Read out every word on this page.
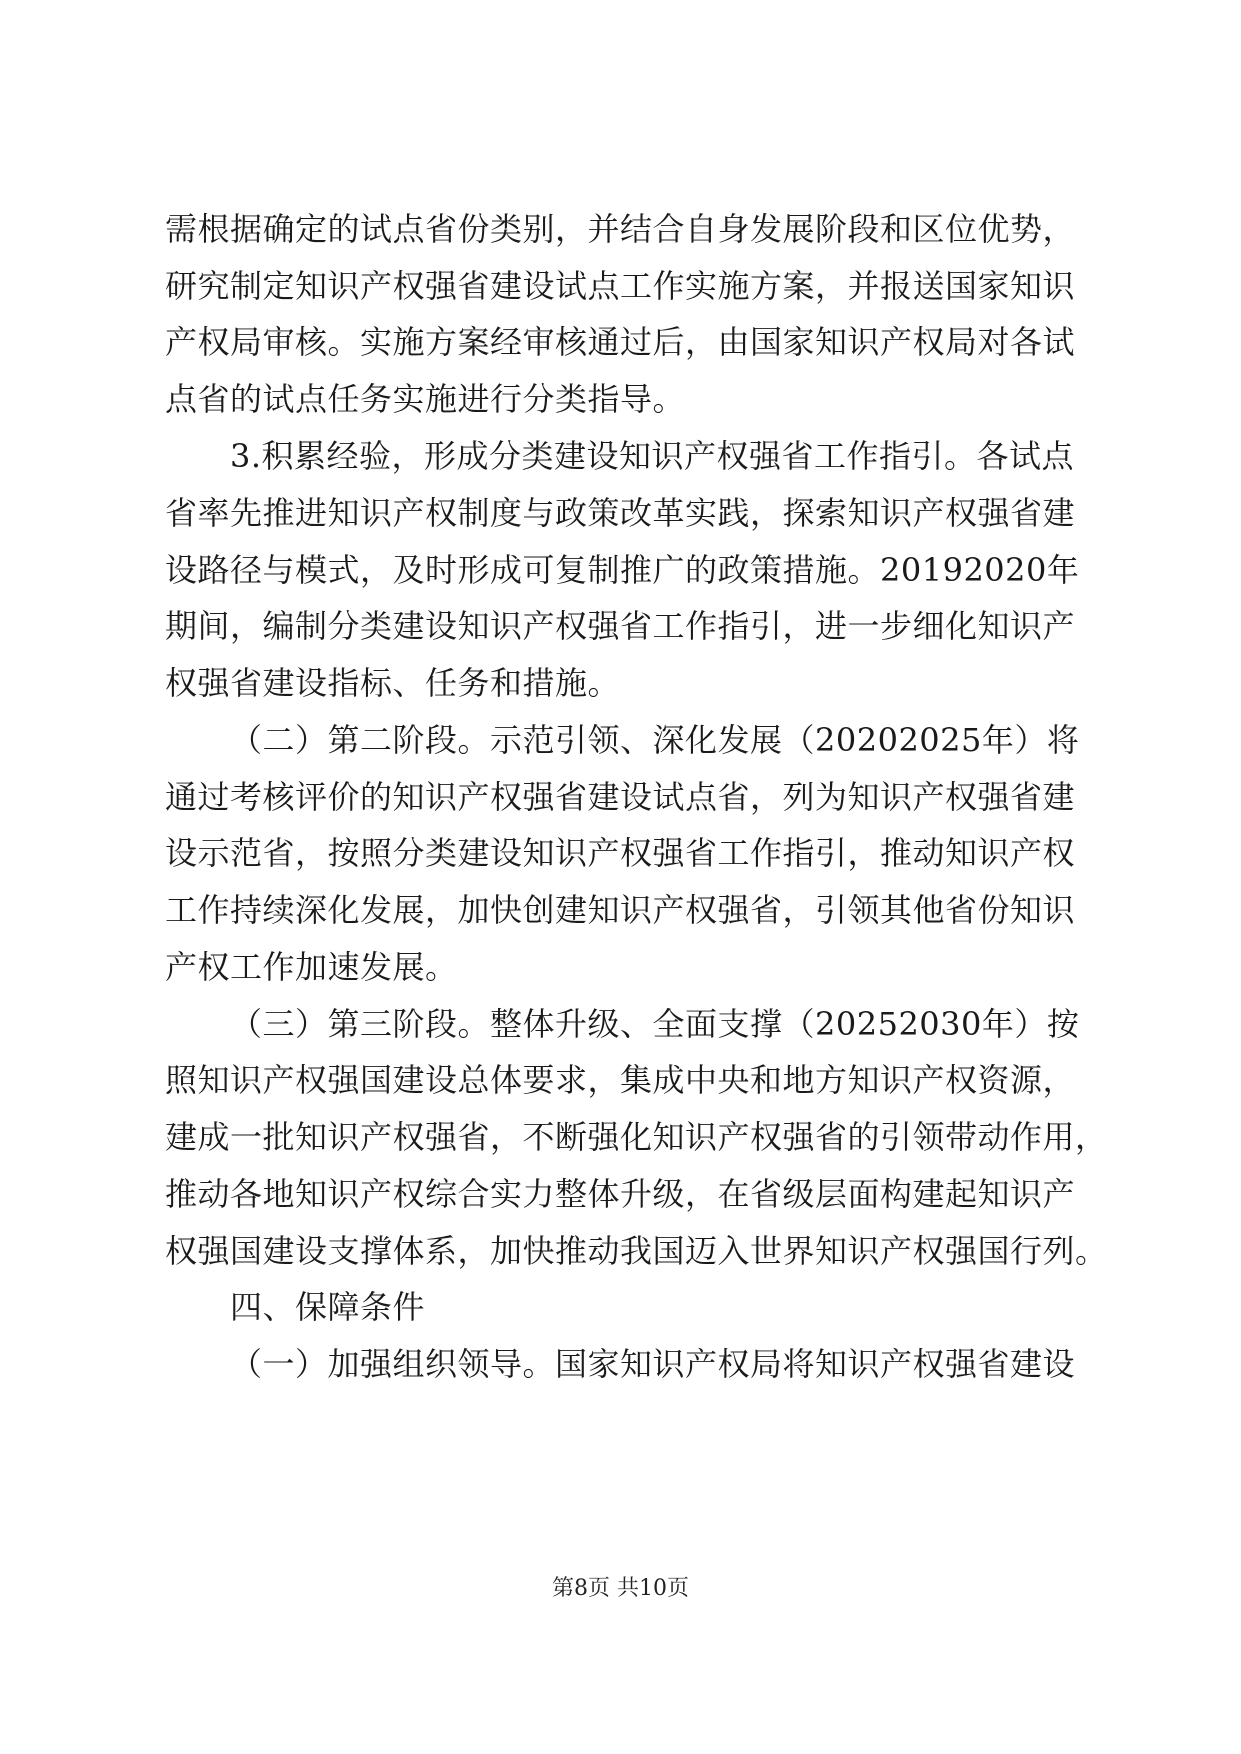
需根据确定的试点省份类别，并结合自身发展阶段和区位优势，
研究制定知识产权强省建设试点工作实施方案，并报送国家知识
产权局审核。实施方案经审核通过后，由国家知识产权局对各试
点省的试点任务实施进行分类指导。
3.积累经验，形成分类建设知识产权强省工作指引。各试点
省率先推进知识产权制度与政策改革实践，探索知识产权强省建
设路径与模式，及时形成可复制推广的政策措施。20192020年
期间，编制分类建设知识产权强省工作指引，进一步细化知识产
权强省建设指标、任务和措施。
（二）第二阶段。示范引领、深化发展（20202025年）将
通过考核评价的知识产权强省建设试点省，列为知识产权强省建
设示范省，按照分类建设知识产权强省工作指引，推动知识产权
工作持续深化发展，加快创建知识产权强省，引领其他省份知识
产权工作加速发展。
（三）第三阶段。整体升级、全面支撑（20252030年）按
照知识产权强国建设总体要求，集成中央和地方知识产权资源，
建成一批知识产权强省，不断强化知识产权强省的引领带动作用，
推动各地知识产权综合实力整体升级，在省级层面构建起知识产
权强国建设支撑体系，加快推动我国迈入世界知识产权强国行列。
四、保障条件
（一）加强组织领导。国家知识产权局将知识产权强省建设
第8页 共10页
